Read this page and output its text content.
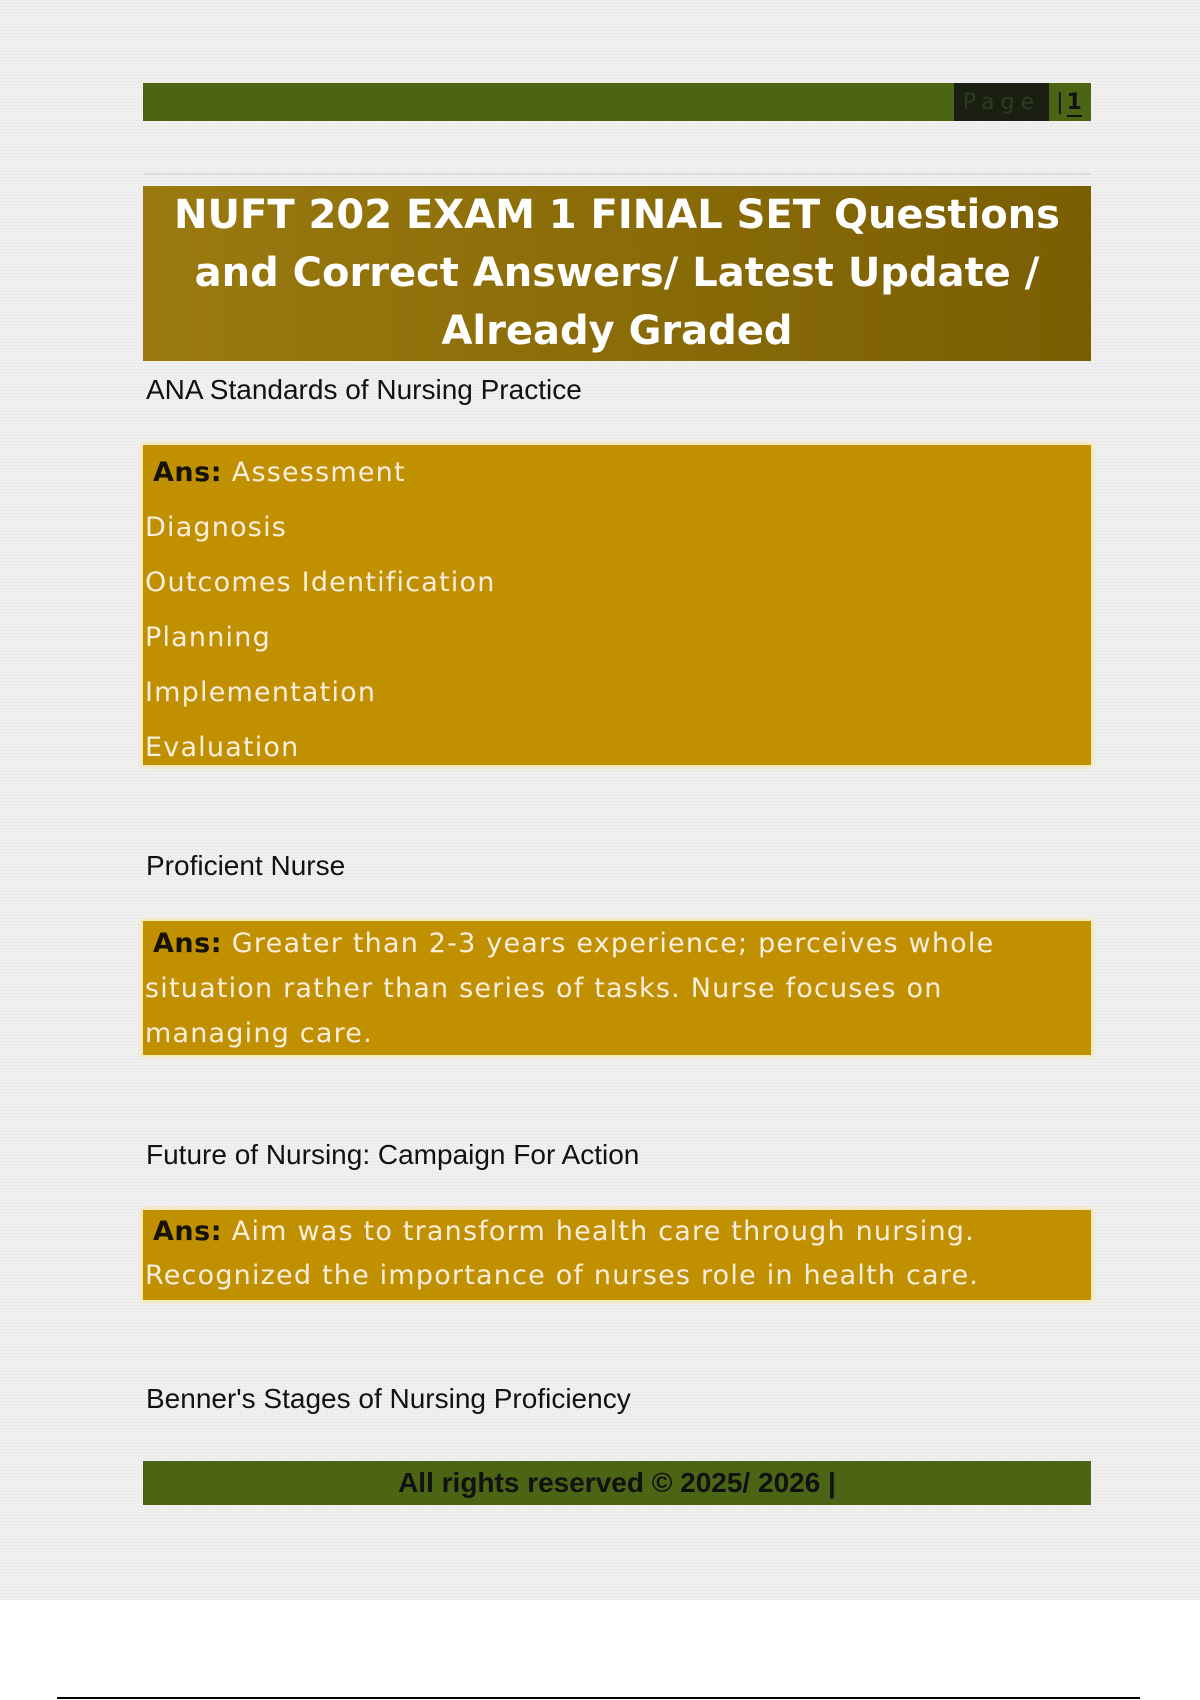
Page | 1
NUFT 202 EXAM 1 FINAL SET Questions
and Correct Answers/ Latest Update /
Already Graded
ANA Standards of Nursing Practice
Ans: Assessment
Diagnosis
Outcomes Identification
Planning
Implementation
Evaluation
Proficient Nurse
Ans: Greater than 2-3 years experience; perceives whole
situation rather than series of tasks. Nurse focuses on
managing care.
Future of Nursing: Campaign For Action
Ans: Aim was to transform health care through nursing.
Recognized the importance of nurses role in health care.
Benner's Stages of Nursing Proficiency
All rights reserved © 2025/ 2026 |
